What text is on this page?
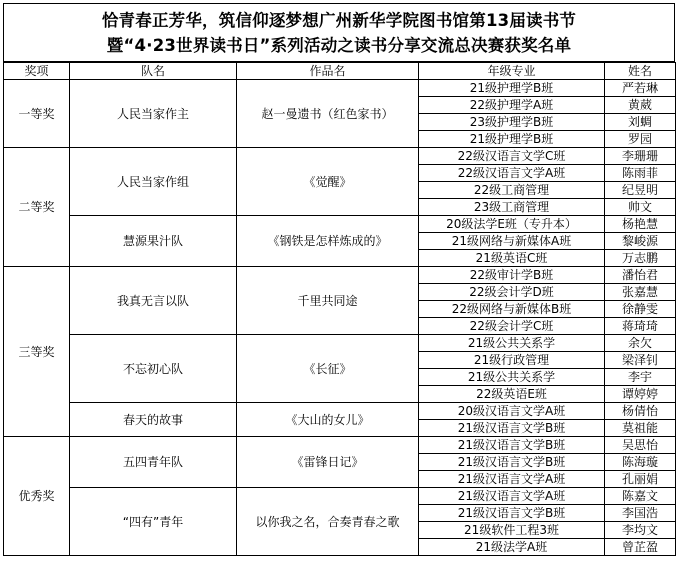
恰青春正芳华，筑信仰逐梦想广州新华学院图书馆第13届读书节
暨“4·23世界读书日”系列活动之读书分享交流总决赛获奖名单
奖项	队名	作品名	年级专业	姓名
一等奖	人民当家作主	赵一曼遗书（红色家书）	21级护理学B班	严若琳
			22级护理学A班	黄葳
			23级护理学B班	刘蜩
			21级护理学B班	罗园
二等奖	人民当家作组	《觉醒》	22级汉语言文学C班	李珊珊
			22级汉语言文学A班	陈雨菲
			22级工商管理	纪昱明
			23级工商管理	帅文
	慧源果汁队	《钢铁是怎样炼成的》	20级法学E班（专升本）	杨艳慧
			21级网络与新媒体A班	黎峻源
			21级英语C班	万志鹏
三等奖	我真无言以队	千里共同途	22级审计学B班	潘怡君
			22级会计学D班	张嘉慧
			22级网络与新媒体B班	徐静雯
			22级会计学C班	蒋琦琦
	不忘初心队	《长征》	21级公共关系学	余欠
			21级行政管理	梁泽钊
			21级公共关系学	李宇
			22级英语E班	谭婷婷
	春天的故事	《大山的女儿》	20级汉语言文学A班	杨倩怡
			21级汉语言文学B班	莫祖能
优秀奖	五四青年队	《雷锋日记》	21级汉语言文学B班	吴思怡
			21级汉语言文学B班	陈海璇
			21级汉语言文学A班	孔丽娟
	“四有”青年	以你我之名，合奏青春之歌	21级汉语言文学A班	陈嘉文
			21级汉语言文学B班	李国浩
			21级软件工程3班	李均文
			21级法学A班	曾芷盈
